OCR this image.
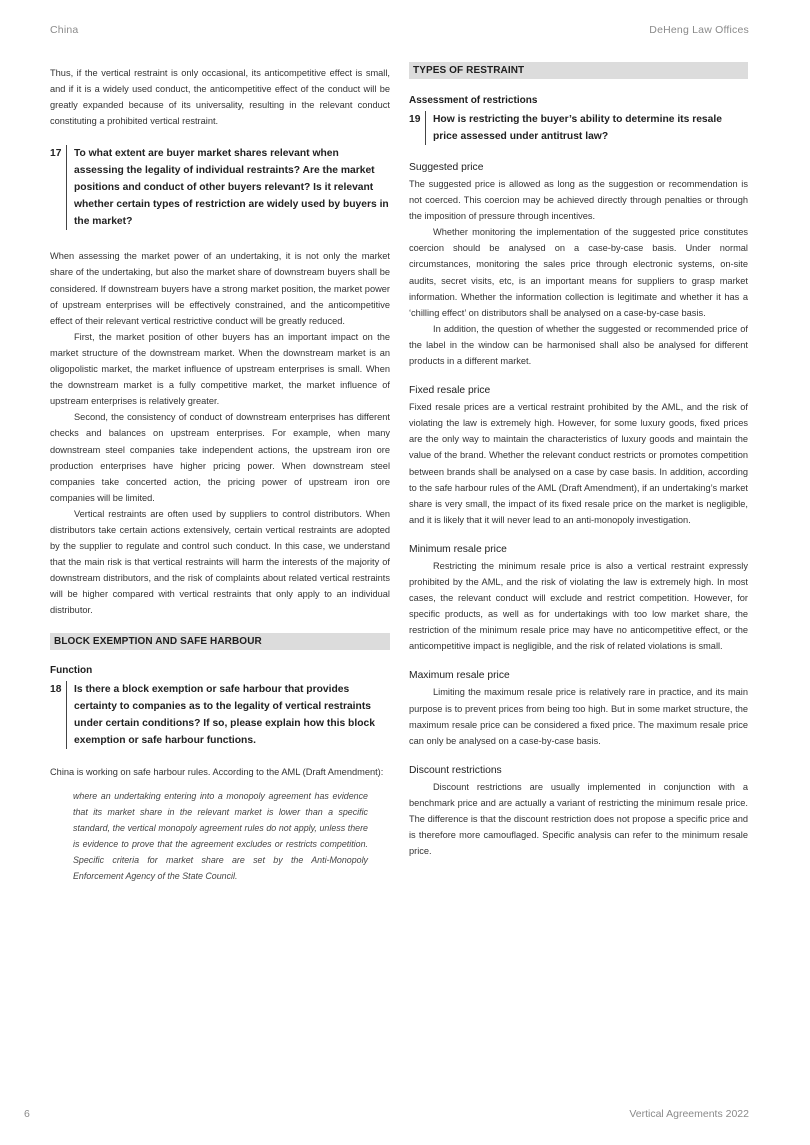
China	DeHeng Law Offices

Thus, if the vertical restraint is only occasional, its anticompetitive effect is small, and if it is a widely used conduct, the anticompetitive effect of the conduct will be greatly expanded because of its universality, resulting in the relevant conduct constituting a prohibited vertical restraint.

17	To what extent are buyer market shares relevant when assessing the legality of individual restraints? Are the market positions and conduct of other buyers relevant? Is it relevant whether certain types of restriction are widely used by buyers in the market?

When assessing the market power of an undertaking, it is not only the market share of the undertaking, but also the market share of downstream buyers shall be considered. If downstream buyers have a strong market position, the market power of upstream enterprises will be effectively constrained, and the anticompetitive effect of their relevant vertical restrictive conduct will be greatly reduced.

First, the market position of other buyers has an important impact on the market structure of the downstream market. When the downstream market is an oligopolistic market, the market influence of upstream enterprises is small. When the downstream market is a fully competitive market, the market influence of upstream enterprises is relatively greater.

Second, the consistency of conduct of downstream enterprises has different checks and balances on upstream enterprises. For example, when many downstream steel companies take independent actions, the upstream iron ore production enterprises have higher pricing power. When downstream steel companies take concerted action, the pricing power of upstream iron ore companies will be limited.

Vertical restraints are often used by suppliers to control distributors. When distributors take certain actions extensively, certain vertical restraints are adopted by the supplier to regulate and control such conduct. In this case, we understand that the main risk is that vertical restraints will harm the interests of the majority of downstream distributors, and the risk of complaints about related vertical restraints will be higher compared with vertical restraints that only apply to an individual distributor.

BLOCK EXEMPTION AND SAFE HARBOUR
Function
18	Is there a block exemption or safe harbour that provides certainty to companies as to the legality of vertical restraints under certain conditions? If so, please explain how this block exemption or safe harbour functions.

China is working on safe harbour rules. According to the AML (Draft Amendment):

where an undertaking entering into a monopoly agreement has evidence that its market share in the relevant market is lower than a specific standard, the vertical monopoly agreement rules do not apply, unless there is evidence to prove that the agreement excludes or restricts competition. Specific criteria for market share are set by the Anti-Monopoly Enforcement Agency of the State Council.

TYPES OF RESTRAINT
Assessment of restrictions
19	How is restricting the buyer’s ability to determine its resale price assessed under antitrust law?
Suggested price

The suggested price is allowed as long as the suggestion or recommendation is not coerced. This coercion may be achieved directly through penalties or through the imposition of pressure through incentives.

Whether monitoring the implementation of the suggested price constitutes coercion should be analysed on a case-by-case basis. Under normal circumstances, monitoring the sales price through electronic systems, on-site audits, secret visits, etc, is an important means for suppliers to grasp market information. Whether the information collection is legitimate and whether it has a ‘chilling effect’ on distributors shall be analysed on a case-by-case basis.

In addition, the question of whether the suggested or recommended price of the label in the window can be harmonised shall also be analysed for different products in a different market.

Fixed resale price

Fixed resale prices are a vertical restraint prohibited by the AML, and the risk of violating the law is extremely high. However, for some luxury goods, fixed prices are the only way to maintain the characteristics of luxury goods and maintain the value of the brand. Whether the relevant conduct restricts or promotes competition between brands shall be analysed on a case by case basis. In addition, according to the safe harbour rules of the AML (Draft Amendment), if an undertaking’s market share is very small, the impact of its fixed resale price on the market is negligible, and it is likely that it will never lead to an anti-monopoly investigation.

Minimum resale price

Restricting the minimum resale price is also a vertical restraint expressly prohibited by the AML, and the risk of violating the law is extremely high. In most cases, the relevant conduct will exclude and restrict competition. However, for specific products, as well as for undertakings with too low market share, the restriction of the minimum resale price may have no anticompetitive effect, or the anticompetitive impact is negligible, and the risk of related violations is small.

Maximum resale price

Limiting the maximum resale price is relatively rare in practice, and its main purpose is to prevent prices from being too high. But in some market structure, the maximum resale price can be considered a fixed price. The maximum resale price can only be analysed on a case-by-case basis.

Discount restrictions

Discount restrictions are usually implemented in conjunction with a benchmark price and are actually a variant of restricting the minimum resale price. The difference is that the discount restriction does not propose a specific price and is therefore more camouflaged. Specific analysis can refer to the minimum resale price.

6	Vertical Agreements 2022
